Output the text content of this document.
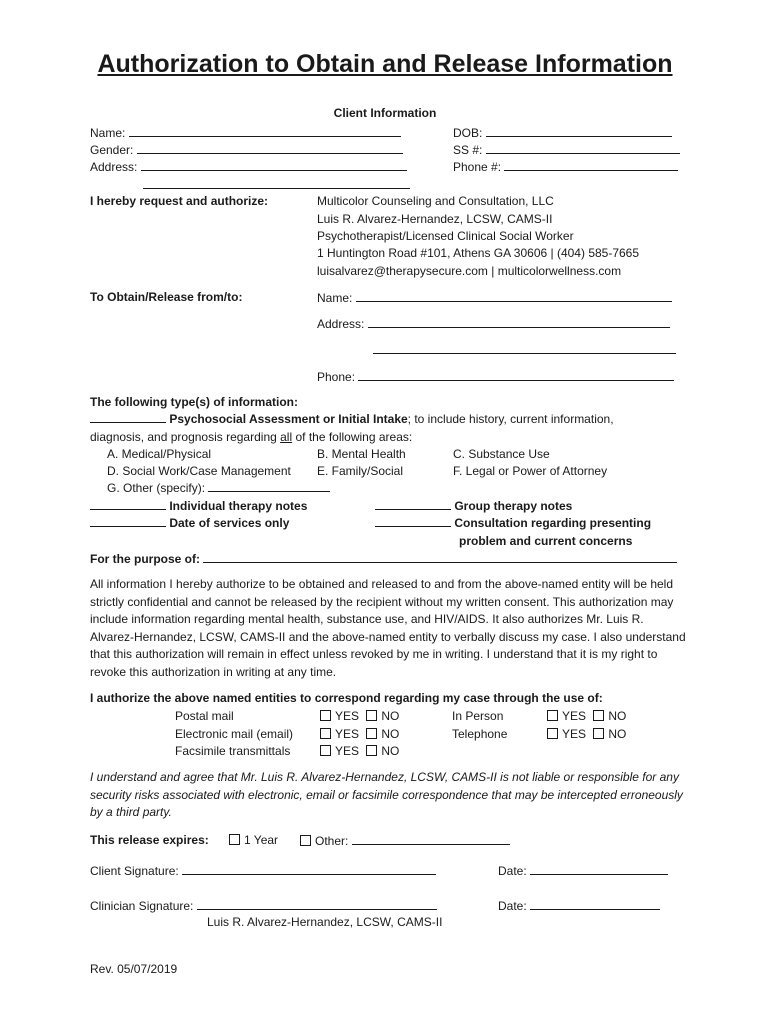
Authorization to Obtain and Release Information
Client Information
Name:	DOB:
Gender:	SS #:
Address:	Phone #:
I hereby request and authorize:	Multicolor Counseling and Consultation, LLC
Luis R. Alvarez-Hernandez, LCSW, CAMS-II
Psychotherapist/Licensed Clinical Social Worker
1 Huntington Road #101, Athens GA 30606 | (404) 585-7665
luisalvarez@therapysecure.com | multicolorwellness.com
To Obtain/Release from/to:	Name:
Address:
Phone:
The following type(s) of information:
Psychosocial Assessment or Initial Intake; to include history, current information,
diagnosis, and prognosis regarding all of the following areas:
A. Medical/Physical	B. Mental Health	C. Substance Use
D. Social Work/Case Management E. Family/Social	F. Legal or Power of Attorney
G. Other (specify):
Individual therapy notes	Group therapy notes
Date of services only	Consultation regarding presenting
problem and current concerns
For the purpose of:
All information I hereby authorize to be obtained and released to and from the above-named entity will be held strictly confidential and cannot be released by the recipient without my written consent. This authorization may include information regarding mental health, substance use, and HIV/AIDS. It also authorizes Mr. Luis R. Alvarez-Hernandez, LCSW, CAMS-II and the above-named entity to verbally discuss my case. I also understand that this authorization will remain in effect unless revoked by me in writing. I understand that it is my right to revoke this authorization in writing at any time.
I authorize the above named entities to correspond regarding my case through the use of:
Postal mail	YES NO	In Person	YES NO
Electronic mail (email)	YES NO	Telephone	YES NO
Facsimile transmittals	YES NO
I understand and agree that Mr. Luis R. Alvarez-Hernandez, LCSW, CAMS-II is not liable or responsible for any security risks associated with electronic, email or facsimile correspondence that may be intercepted erroneously by a third party.
This release expires:	1 Year	Other:
Client Signature:	Date:
Clinician Signature:	Date:
Luis R. Alvarez-Hernandez, LCSW, CAMS-II
Rev. 05/07/2019
